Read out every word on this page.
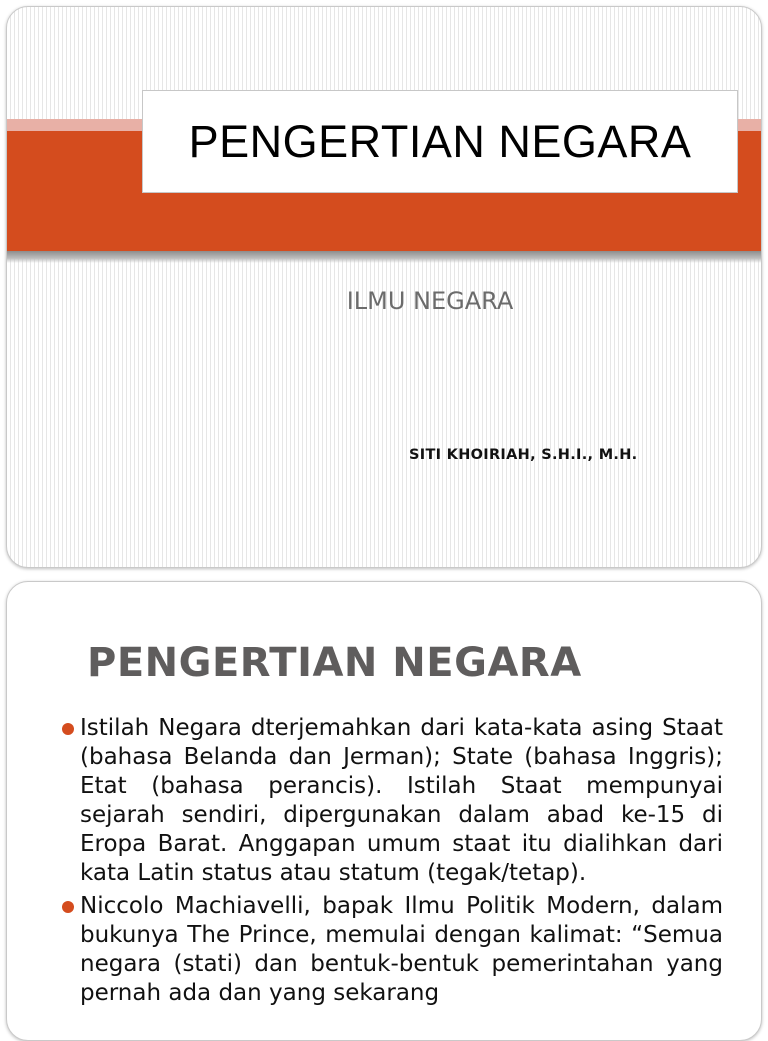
PENGERTIAN NEGARA
ILMU NEGARA
SITI KHOIRIAH, S.H.I., M.H.
PENGERTIAN NEGARA
Istilah Negara dterjemahkan dari kata-kata asing Staat (bahasa Belanda dan Jerman); State (bahasa Inggris); Etat (bahasa perancis). Istilah Staat mempunyai sejarah sendiri, dipergunakan dalam abad ke-15 di Eropa Barat. Anggapan umum staat itu dialihkan dari kata Latin status atau statum (tegak/tetap).
Niccolo Machiavelli, bapak Ilmu Politik Modern, dalam bukunya The Prince, memulai dengan kalimat: “Semua negara (stati) dan bentuk-bentuk pemerintahan yang pernah ada dan yang sekarang
